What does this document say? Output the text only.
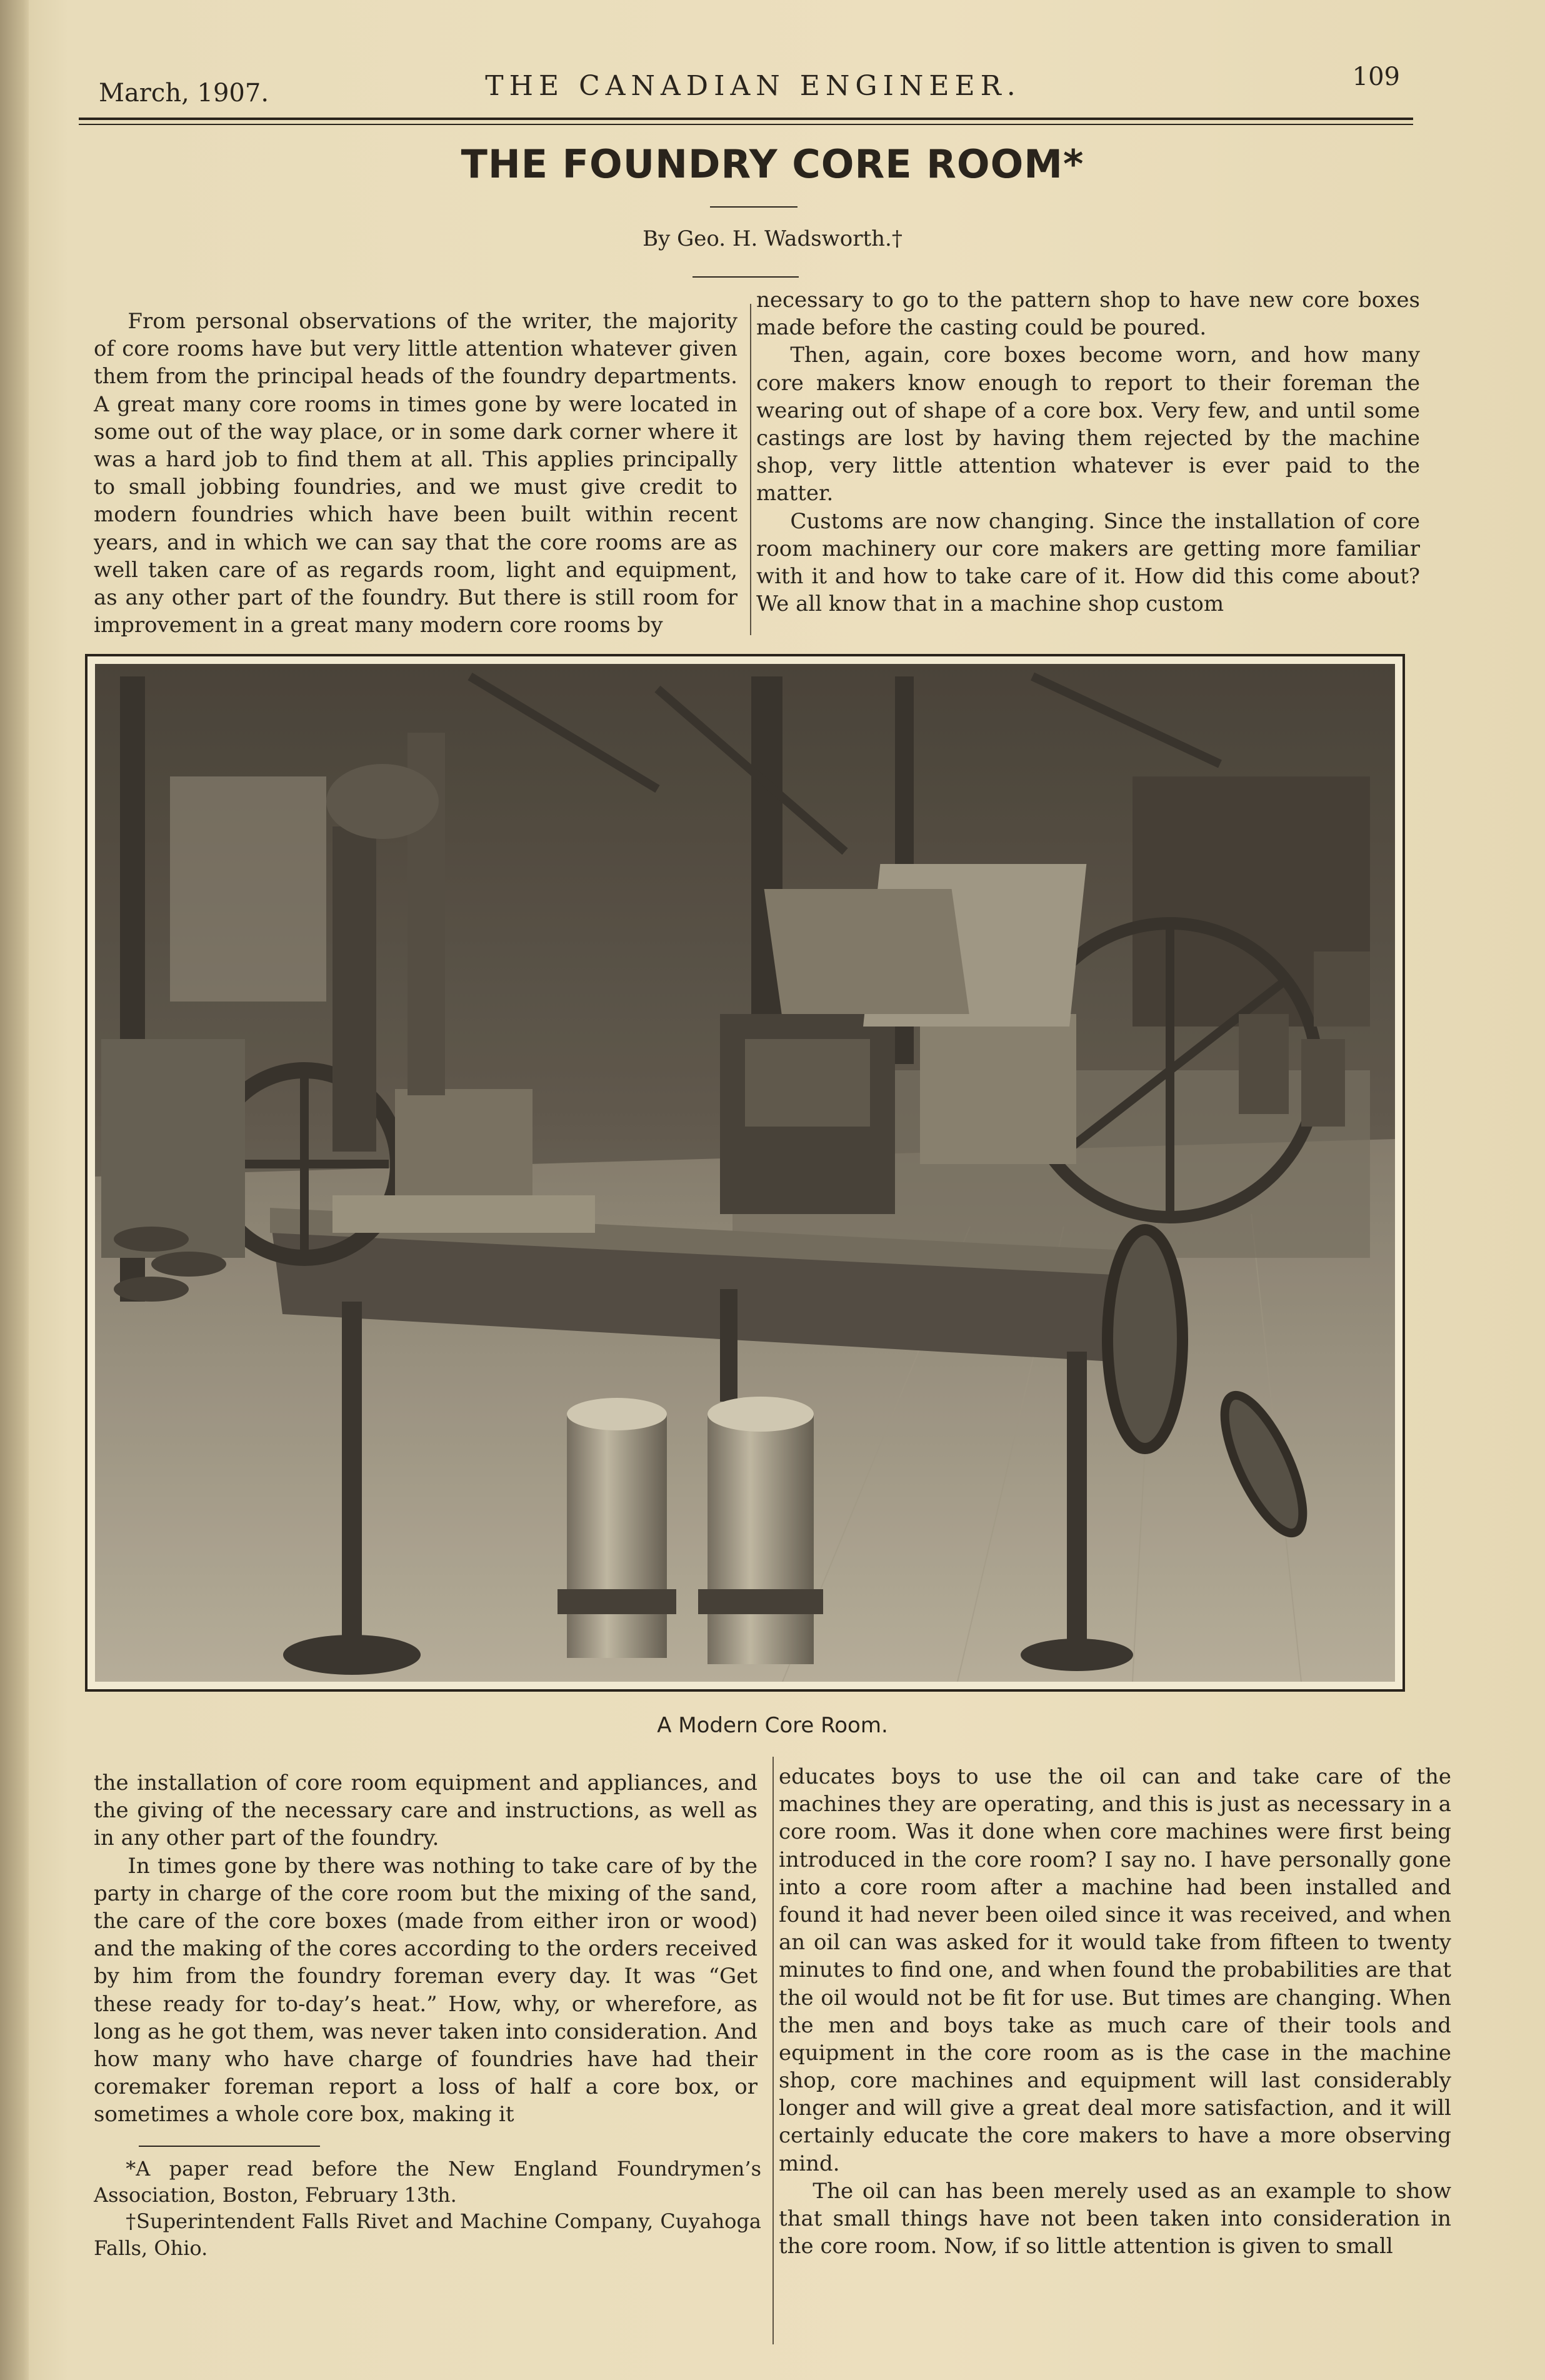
March, 1907.	THE CANADIAN ENGINEER.	109
THE FOUNDRY CORE ROOM*
By Geo. H. Wadsworth.†

From personal observations of the writer, the majority of core rooms have but very little attention whatever given them from the principal heads of the foundry departments. A great many core rooms in times gone by were located in some out of the way place, or in some dark corner where it was a hard job to find them at all. This applies principally to small jobbing foundries, and we must give credit to modern foundries which have been built within recent years, and in which we can say that the core rooms are as well taken care of as regards room, light and equipment, as any other part of the foundry. But there is still room for improvement in a great many modern core rooms by

necessary to go to the pattern shop to have new core boxes made before the casting could be poured.

Then, again, core boxes become worn, and how many core makers know enough to report to their foreman the wearing out of shape of a core box. Very few, and until some castings are lost by having them rejected by the machine shop, very little attention whatever is ever paid to the matter.

Customs are now changing. Since the installation of core room machinery our core makers are getting more familiar with it and how to take care of it. How did this come about? We all know that in a machine shop custom

A Modern Core Room.

the installation of core room equipment and appliances, and the giving of the necessary care and instructions, as well as in any other part of the foundry.

In times gone by there was nothing to take care of by the party in charge of the core room but the mixing of the sand, the care of the core boxes (made from either iron or wood) and the making of the cores according to the orders received by him from the foundry foreman every day. It was “Get these ready for to-day’s heat.” How, why, or wherefore, as long as he got them, was never taken into consideration. And how many who have charge of foundries have had their coremaker foreman report a loss of half a core box, or sometimes a whole core box, making it

*A paper read before the New England Foundrymen’s Association, Boston, February 13th.

†Superintendent Falls Rivet and Machine Company, Cuyahoga Falls, Ohio.

educates boys to use the oil can and take care of the machines they are operating, and this is just as necessary in a core room. Was it done when core machines were first being introduced in the core room? I say no. I have personally gone into a core room after a machine had been installed and found it had never been oiled since it was received, and when an oil can was asked for it would take from fifteen to twenty minutes to find one, and when found the probabilities are that the oil would not be fit for use. But times are changing. When the men and boys take as much care of their tools and equipment in the core room as is the case in the machine shop, core machines and equipment will last considerably longer and will give a great deal more satisfaction, and it will certainly educate the core makers to have a more observing mind.

The oil can has been merely used as an example to show that small things have not been taken into consideration in the core room. Now, if so little attention is given to small
